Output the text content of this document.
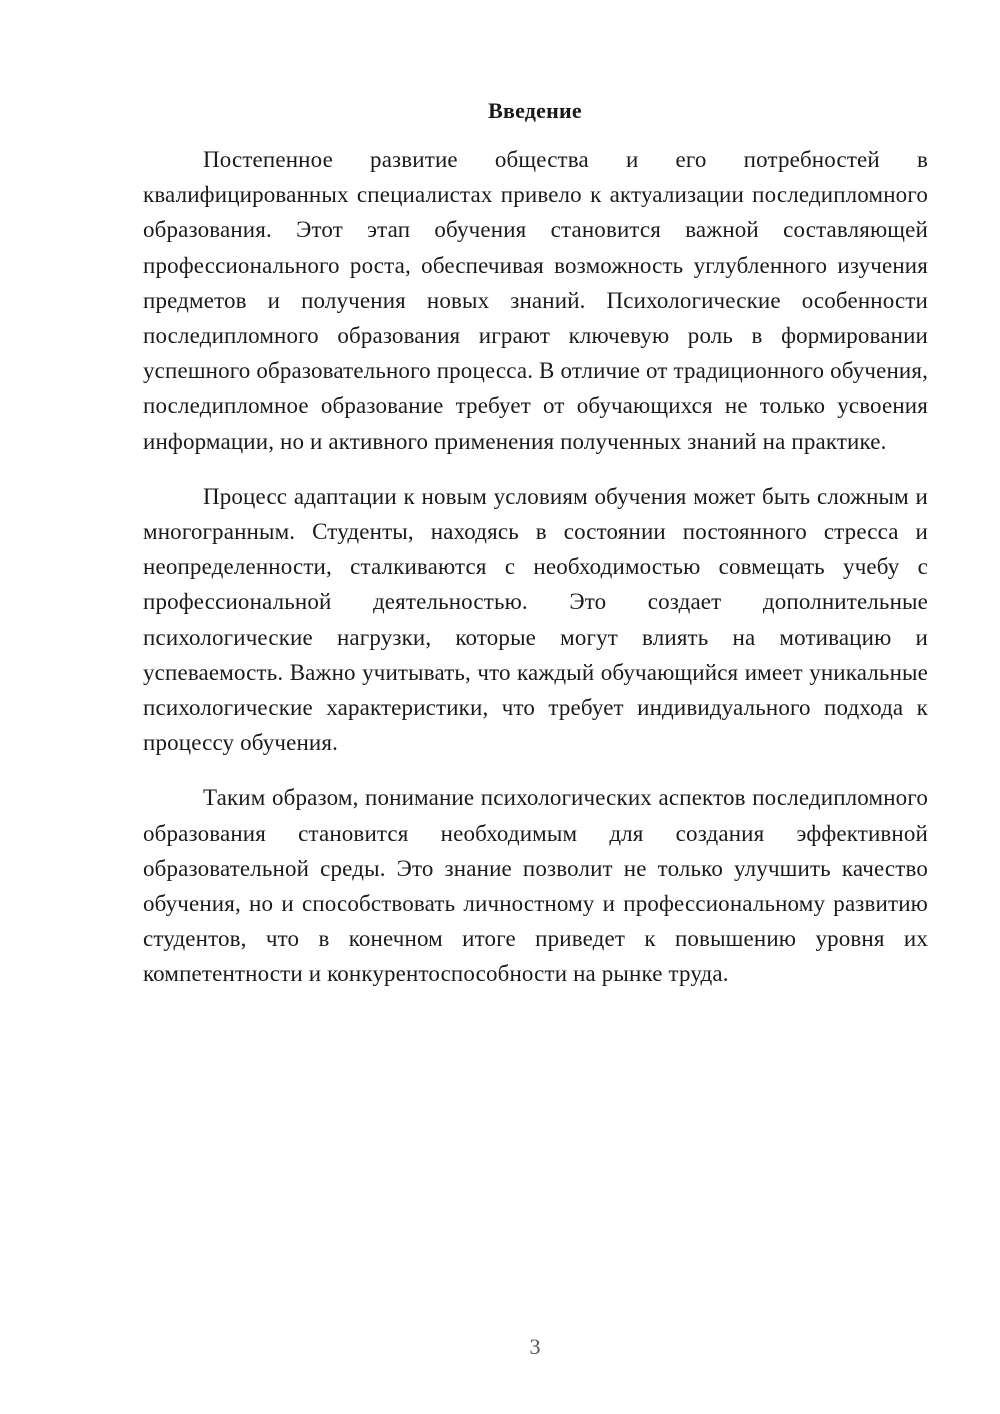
Введение

Постепенное развитие общества и его потребностей в квалифицированных специалистах привело к актуализации последипломного образования. Этот этап обучения становится важной составляющей профессионального роста, обеспечивая возможность углубленного изучения предметов и получения новых знаний. Психологические особенности последипломного образования играют ключевую роль в формировании успешного образовательного процесса. В отличие от традиционного обучения, последипломное образование требует от обучающихся не только усвоения информации, но и активного применения полученных знаний на практике.

Процесс адаптации к новым условиям обучения может быть сложным и многогранным. Студенты, находясь в состоянии постоянного стресса и неопределенности, сталкиваются с необходимостью совмещать учебу с профессиональной деятельностью. Это создает дополнительные психологические нагрузки, которые могут влиять на мотивацию и успеваемость. Важно учитывать, что каждый обучающийся имеет уникальные психологические характеристики, что требует индивидуального подхода к процессу обучения.

Таким образом, понимание психологических аспектов последипломного образования становится необходимым для создания эффективной образовательной среды. Это знание позволит не только улучшить качество обучения, но и способствовать личностному и профессиональному развитию студентов, что в конечном итоге приведет к повышению уровня их компетентности и конкурентоспособности на рынке труда.

3
